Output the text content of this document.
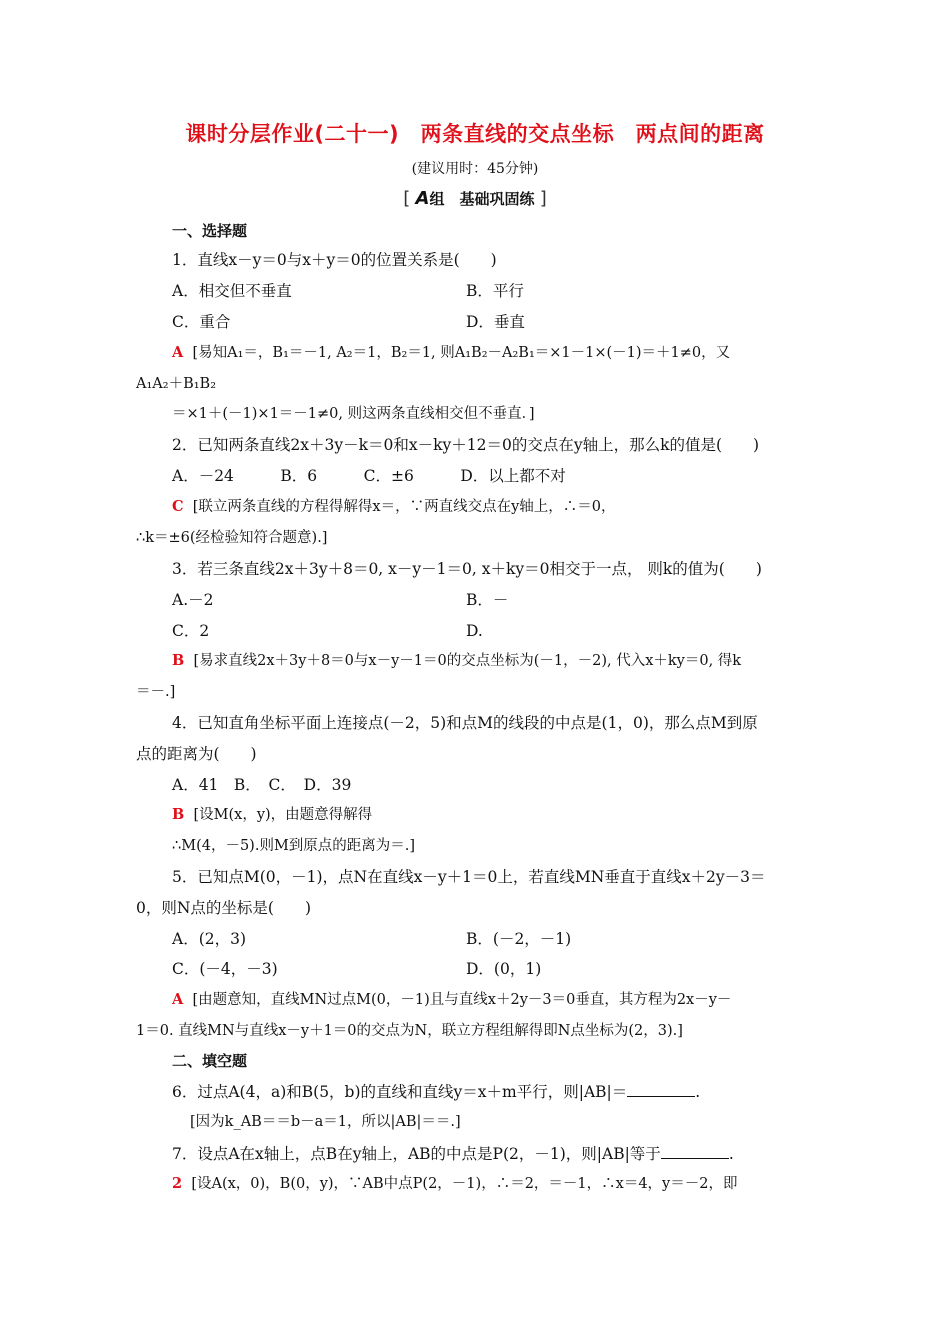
课时分层作业(二十一)　两条直线的交点坐标　两点间的距离
(建议用时：45分钟)
[ A组　基础巩固练 ]
一、选择题
1．直线x－y＝0与x＋y＝0的位置关系是(　　)
A．相交但不垂直	B．平行
C．重合	D．垂直
A [易知A₁＝，B₁＝－1, A₂＝1，B₂＝1, 则A₁B₂－A₂B₁＝×1－1×(－1)＝＋1≠0，又
A₁A₂＋B₁B₂
＝×1＋(－1)×1＝－1≠0, 则这两条直线相交但不垂直．]
2．已知两条直线2x＋3y－k＝0和x－ky＋12＝0的交点在y轴上，那么k的值是(　　)
A．－24　　　B．6　　　C．±6　　　D．以上都不对
C [联立两条直线的方程得解得x＝，∵两直线交点在y轴上，∴＝0，
∴k＝±6(经检验知符合题意).]
3．若三条直线2x＋3y＋8＝0, x－y－1＝0, x＋ky＝0相交于一点， 则k的值为(　　)
A.－2	B．－
C．2	D.
B [易求直线2x＋3y＋8＝0与x－y－1＝0的交点坐标为(－1，－2), 代入x＋ky＝0, 得k
＝－.]
4．已知直角坐标平面上连接点(－2，5)和点M的线段的中点是(1，0)，那么点M到原
点的距离为(　　)
A．41　B．　C．　D．39
B [设M(x，y)，由题意得解得
∴M(4，－5).则M到原点的距离为＝.]
5．已知点M(0，－1)，点N在直线x－y＋1＝0上，若直线MN垂直于直线x＋2y－3＝
0，则N点的坐标是(　　)
A．(2，3)	B．(－2，－1)
C．(－4，－3)	D．(0，1)
A [由题意知，直线MN过点M(0，－1)且与直线x＋2y－3＝0垂直，其方程为2x－y－
1＝0. 直线MN与直线x－y＋1＝0的交点为N，联立方程组解得即N点坐标为(2，3).]
二、填空题
6．过点A(4，a)和B(5，b)的直线和直线y＝x＋m平行，则|AB|＝	.
[因为k_AB＝＝b－a＝1，所以|AB|＝＝.]
7．设点A在x轴上，点B在y轴上，AB的中点是P(2，－1)，则|AB|等于	.
2 [设A(x，0)，B(0，y)，∵AB中点P(2，－1)，∴＝2，＝－1，∴x＝4，y＝－2，即
